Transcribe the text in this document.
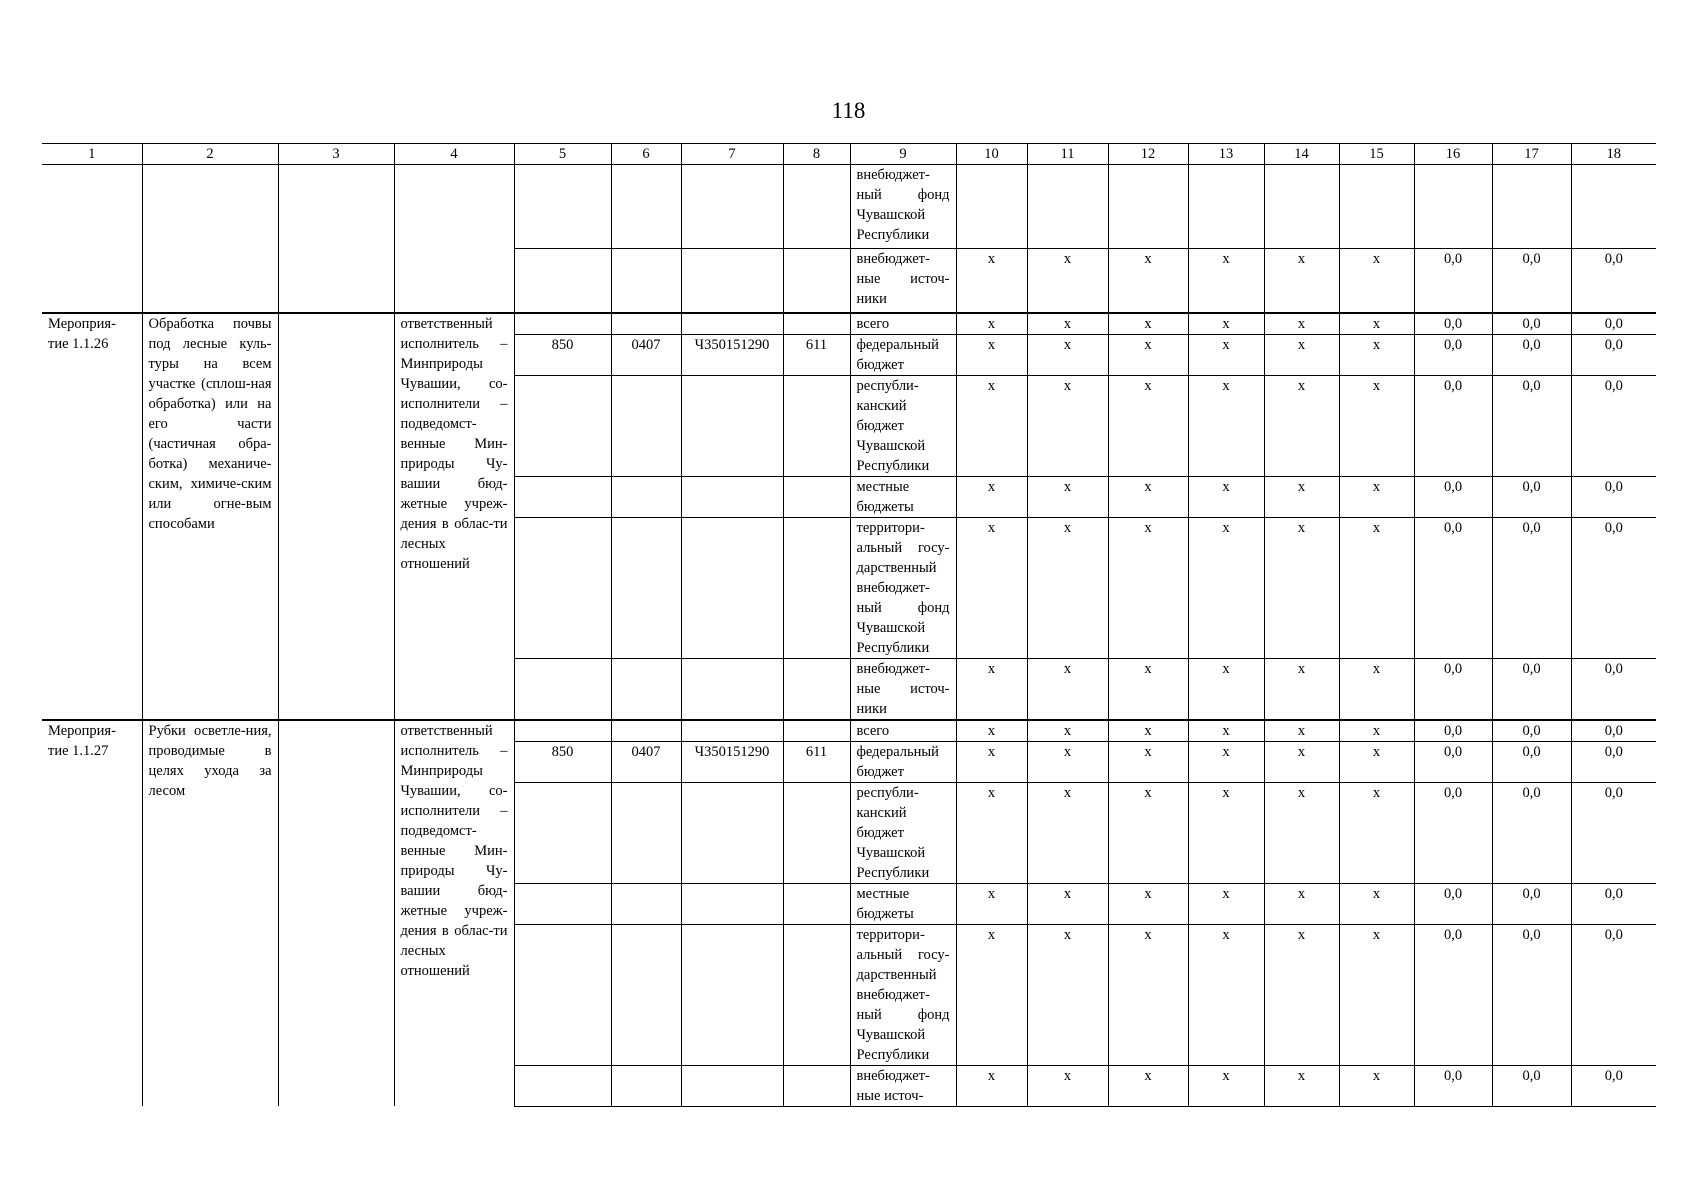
118
1	2	3	4	5	6	7	8	9	10	11	12	13	14	15	16	17	18
								внебюджет-ный фонд Чувашской Республики									
								внебюджет-ные источ-ники	x	x	x	x	x	x	0,0	0,0	0,0
Мероприя-тие 1.1.26	Обработка почвы под лесные куль-туры на всем участке (сплош-ная обработка) или на его части (частичная обра-ботка) механиче-ским, химиче-ским или огне-вым способами		ответственный исполнитель – Минприроды Чувашии, со-исполнители – подведомст-венные Мин-природы Чу-вашии бюд-жетные учреж-дения в облас-ти лесных отношений					всего	x	x	x	x	x	x	0,0	0,0	0,0
				850	0407	Ч350151290	611	федеральный бюджет	x	x	x	x	x	x	0,0	0,0	0,0
								республи-канский бюджет Чувашской Республики	x	x	x	x	x	x	0,0	0,0	0,0
								местные бюджеты	x	x	x	x	x	x	0,0	0,0	0,0
								территори-альный госу-дарственный внебюджет-ный фонд Чувашской Республики	x	x	x	x	x	x	0,0	0,0	0,0
								внебюджет-ные источ-ники	x	x	x	x	x	x	0,0	0,0	0,0
Мероприя-тие 1.1.27	Рубки осветле-ния, проводимые в целях ухода за лесом		ответственный исполнитель – Минприроды Чувашии, со-исполнители – подведомст-венные Мин-природы Чу-вашии бюд-жетные учреж-дения в облас-ти лесных отношений					всего	x	x	x	x	x	x	0,0	0,0	0,0
				850	0407	Ч350151290	611	федеральный бюджет	x	x	x	x	x	x	0,0	0,0	0,0
								республи-канский бюджет Чувашской Республики	x	x	x	x	x	x	0,0	0,0	0,0
								местные бюджеты	x	x	x	x	x	x	0,0	0,0	0,0
								территори-альный госу-дарственный внебюджет-ный фонд Чувашской Республики	x	x	x	x	x	x	0,0	0,0	0,0
								внебюджет-ные источ-	x	x	x	x	x	x	0,0	0,0	0,0
